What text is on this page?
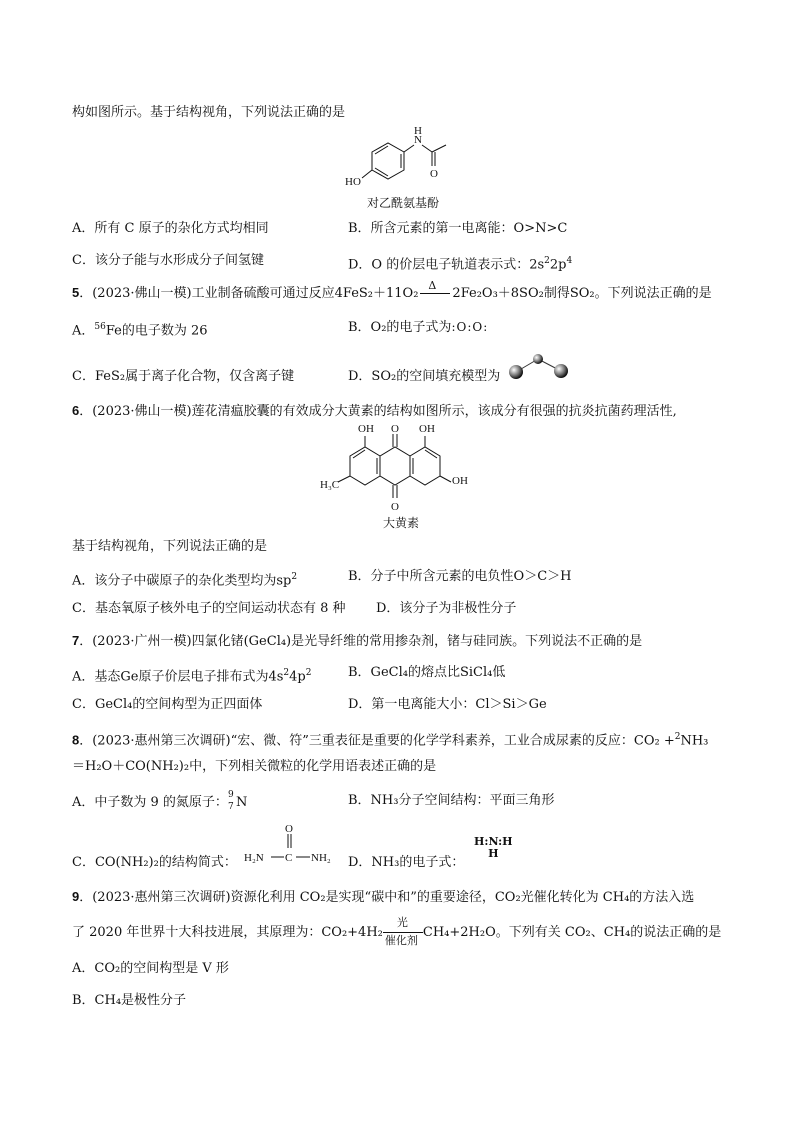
构如图所示。基于结构视角，下列说法正确的是
N
H
O
HO
对乙酰氨基酚
A．所有 C 原子的杂化方式均相同	B．所含元素的第一电离能：O>N>C
C．该分子能与水形成分子间氢键	D．O 的价层电子轨道表示式：$2s^22p^4$
5．(2023·佛山一模)工业制备硫酸可通过反应4FeS₂＋11O₂
Δ
2Fe₂O₃＋8SO₂制得SO₂。下列说法正确的是
A．$^{56}$Fe的电子数为 26	B．O₂的电子式为:O:O:
C．FeS₂属于离子化合物，仅含离子键	D．SO₂的空间填充模型为
6．(2023·佛山一模)莲花清瘟胶囊的有效成分大黄素的结构如图所示，该成分有很强的抗炎抗菌药理活性,
OH O OH
H₃C	OH
O
大黄素
基于结构视角，下列说法正确的是
A．该分子中碳原子的杂化类型均为$sp^2$	B．分子中所含元素的电负性O＞C＞H
C．基态氧原子核外电子的空间运动状态有 8 种 D．该分子为非极性分子
7．(2023·广州一模)四氯化锗(GeCl₄)是光导纤维的常用掺杂剂，锗与硅同族。下列说法不正确的是
A．基态Ge原子价层电子排布式为$4s^24p^2$	B．GeCl₄的熔点比SiCl₄低
C．GeCl₄的空间构型为正四面体	D．第一电离能大小：Cl＞Si＞Ge
8．(2023·惠州第三次调研)“宏、微、符”三重表征是重要的化学学科素养，工业合成尿素的反应：CO₂ +$^2$NH₃
＝H₂O＋CO(NH₂)₂中，下列相关微粒的化学用语表述正确的是
A．中子数为 9 的氮原子： 9
7 N	B．NH₃分子空间结构：平面三角形
C．CO(NH₂)₂的结构简式：
O
H₂N C NH₂ D．NH₃的电子式：
H:N:H
H
9．(2023·惠州第三次调研)资源化利用 CO₂是实现“碳中和”的重要途径，CO₂光催化转化为 CH₄的方法入选
了 2020 年世界十大科技进展，其原理为：CO₂+4H₂
光
催化剂
CH₄+2H₂O。下列有关 CO₂、CH₄的说法正确的是
A．CO₂的空间构型是 V 形
B．CH₄是极性分子
